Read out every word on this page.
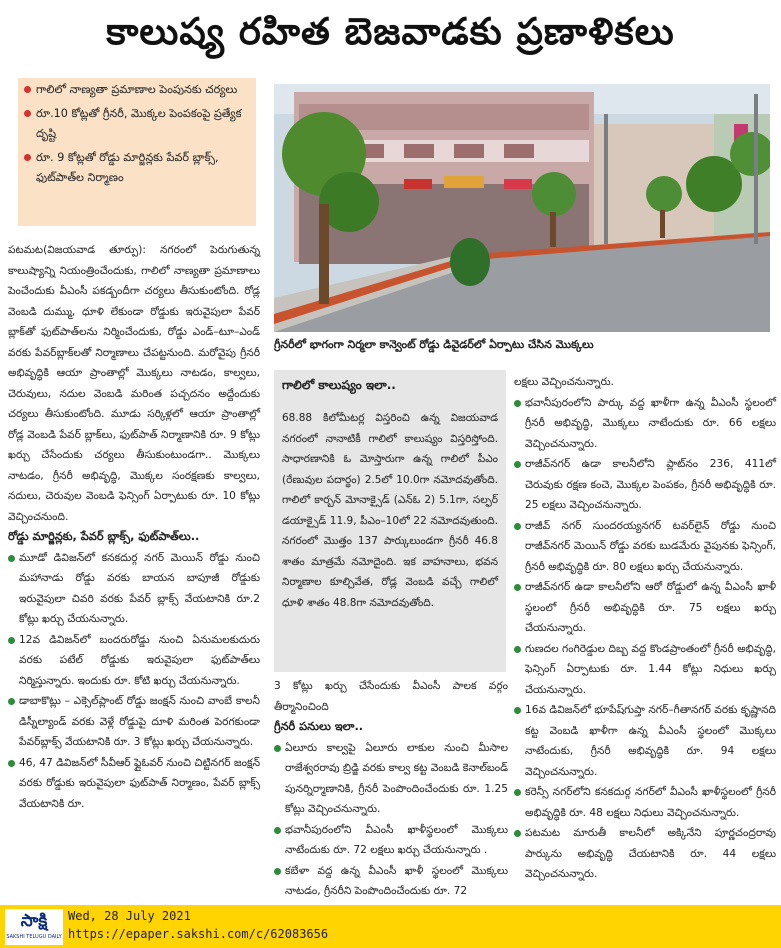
కాలుష్య రహిత బెజవాడకు ప్రణాళికలు

గాలిలో నాణ్యతా ప్రమాణాల పెంపునకు చర్యలు

రూ.10 కోట్లతో గ్రీనరీ, మొక్కల పెంపకంపై ప్రత్యేక దృష్టి

రూ. 9 కోట్లతో రోడ్డు మార్జిన్లకు పేవర్ బ్లాక్స్, ఫుట్‌పాత్‌ల నిర్మాణం

పటమట(విజయవాడ తూర్పు): నగరంలో పెరుగుతున్న కాలుష్యాన్ని నియంత్రించేందుకు, గాలిలో నాణ్యతా ప్రమాణాలు పెంచేందుకు వీఎంసీ పకడ్బందీగా చర్యలు తీసుకుంటోంది. రోడ్ల వెంబడి దుమ్ము, ధూళి లేకుండా రోడ్డుకు ఇరువైపులా పేవర్ బ్లాక్‌తో ఫుట్‌పాత్‌లను నిర్మించేందుకు, రోడ్డు ఎండ్–టూ–ఎండ్ వరకు పేవర్‌బ్లాక్‌లతో నిర్మాణాలు చేపట్టనుంది. మరోవైపు గ్రీనరీ అభివృద్ధికి ఆయా ప్రాంతాల్లో మొక్కలు నాటడం, కాల్వలు, చెరువులు, నదుల వెంబడి మరింత పచ్చదనం అద్దేందుకు చర్యలు తీసుకుంటోంది. మూడు సర్కిళ్లలో ఆయా ప్రాంతాల్లో రోడ్ల వెంబడి పేవర్ బ్లాక్‌లు, ఫుట్‌పాత్ నిర్మాణానికి రూ. 9 కోట్లు ఖర్చు చేసేందుకు చర్యలు తీసుకుంటుండగా.. మొక్కలు నాటడం, గ్రీనరీ అభివృద్ధి, మొక్కల సంరక్షణకు కాల్వలు, నదులు, చెరువుల వెంబడి ఫెన్సింగ్ ఏర్పాటుకు రూ. 10 కోట్లు వెచ్చించనుంది.

రోడ్డు మార్జిన్లకు, పేవర్ బ్లాక్స్, ఫుట్‌పాత్‌లు..

మూడో డివిజన్‌లో కనకదుర్గ నగర్ మెయిన్ రోడ్డు నుంచి మహానాడు రోడ్డు వరకు బాయన బాపూజీ రోడ్డుకు ఇరువైపులా చివరి వరకు పేవర్ బ్లాక్స్ వేయటానికి రూ.2 కోట్లు ఖర్చు చేయనున్నారు.

12వ డివిజన్‌లో బందరురోడ్డు నుంచి ఏనుమలకుదురు వరకు పటేల్ రోడ్డుకు ఇరువైపులా ఫుట్‌పాత్‌లు నిర్మిస్తున్నారు. ఇందుకు రూ. కోటి ఖర్చు చేయనున్నారు.

డాబాకొట్లు – ఎక్సెల్‌ప్లాంట్ రోడ్డు జంక్షన్ నుంచి వాంబే కాలనీ డిస్నీల్యాండ్ వరకు వెళ్లే రోడ్డుపై దూళి మరింత పెరగకుండా పేవర్‌బ్లాక్స్ వేయటానికి రూ. 3 కోట్లు ఖర్చు చేయనున్నారు.

46, 47 డివిజన్‌లో సీవీఆర్ ఫ్లైఓవర్ నుంచి చిట్టినగర్ జంక్షన్ వరకు రోడ్డుకు ఇరువైపులా ఫుట్‌పాత్ నిర్మాణం, పేవర్ బ్లాక్స్ వేయటానికి రూ.

గ్రీనరీలో భాగంగా నిర్మలా కాన్వెంట్ రోడ్డు డివైడర్‌లో ఏర్పాటు చేసిన మొక్కలు
గాలిలో కాలుష్యం ఇలా..
68.88 కిలోమీటర్ల విస్తరించి ఉన్న విజయవాడ నగరంలో నానాటికీ గాలిలో కాలుష్యం విస్తరిస్తోంది. సాధారణానికి ఓ మోస్తారుగా ఉన్న గాలిలో పీఎం (రేణువుల పదార్థం) 2.5లో 10.0గా నమోదవుతోంది. గాలిలో కార్బన్ మోనాక్సైడ్ (ఎన్‌ఓ 2) 5.1గా, సల్ఫర్ డయాక్సైడ్ 11.9, పీఎం–10లో 22 నమోదవుతుంది. నగరంలో మొత్తం 137 పార్కులుండగా గ్రీనరీ 46.8 శాతం మాత్రమే నమోదైంది. ఇక వాహనాలు, భవన నిర్మాణాల కూల్చివేత, రోడ్ల వెంబడి వచ్చే గాలిలో ధూళి శాతం 48.8గా నమోదవుతోంది.

3 కోట్లు ఖర్చు చేసేందుకు వీఎంసీ పాలక వర్గం తీర్మానించింది

గ్రీనరీ పనులు ఇలా..

ఏలూరు కాల్వపై ఏలూరు లాకుల నుంచి మీసాల రాజేశ్వరరావు బ్రిడ్జి వరకు కాల్వ కట్ట వెంబడి కెనాల్‌బండ్ పునర్నిర్మాణానికి, గ్రీనరీ పెంపొందించేందుకు రూ. 1.25 కోట్లు వెచ్చించనున్నారు.

భవానీపురంలోని వీఎంసీ ఖాళీస్థలంలో మొక్కలు నాటేందుకు రూ. 72 లక్షలు ఖర్చు చేయనున్నారు .

కబేళా వద్ద ఉన్న వీఎంసీ ఖాళీ స్థలంలో మొక్కలు నాటడం, గ్రీనరీని పెంపొందించేందుకు రూ. 72

లక్షలు వెచ్చించనున్నారు.

భవానీపురంలోని పార్కు వద్ద ఖాళీగా ఉన్న వీఎంసీ స్థలంలో గ్రీనరీ అభివృద్ధి, మొక్కలు నాటేందుకు రూ. 66 లక్షలు వెచ్చించనున్నారు.

రాజీవ్‌నగర్ ఉడా కాలనీలోని ప్లాట్‌నం 236, 411లో చెరువుకు రక్షణ కంచె, మొక్కల పెంపకం, గ్రీనరీ అభివృద్ధికి రూ. 25 లక్షలు వెచ్చించనున్నారు.

రాజీవ్ నగర్ సుందరయ్యనగర్ టవర్‌లైన్ రోడ్డు నుంచి రాజీవ్‌నగర్ మెయిన్ రోడ్డు వరకు బుడమేరు వైపునకు ఫెన్సింగ్, గ్రీనరీ అభివృద్ధికి రూ. 80 లక్షలు ఖర్చు చేయనున్నారు.

రాజీవ్‌నగర్ ఉడా కాలనీలోని ఆరో రోడ్డులో ఉన్న వీఎంసీ ఖాళీ స్థలంలో గ్రీనరీ అభివృద్ధికి రూ. 75 లక్షలు ఖర్చు చేయనున్నారు.

గుణదల గంగిరెడ్డుల దిబ్బ వద్ద కొండప్రాంతంలో గ్రీనరీ అభివృద్ధి, ఫెన్సింగ్ ఏర్పాటుకు రూ. 1.44 కోట్లు నిధులు ఖర్చు చేయనున్నారు.

16వ డివిజన్‌లో భూపేష్‌గుప్తా నగర్–గీతానగర్ వరకు కృష్ణానది కట్ట వెంబడి ఖాళీగా ఉన్న వీఎంసీ స్థలంలో మొక్కలు నాటేందుకు, గ్రీనరీ అభివృద్ధికి రూ. 94 లక్షలు వెచ్చించనున్నారు.

కరెన్సీ నగర్‌లోని కనకదుర్గ నగర్‌లో వీఎంసీ ఖాళీస్థలంలో గ్రీనరీ అభివృద్ధికి రూ. 48 లక్షలు నిధులు వెచ్చించనున్నారు.

పటమట మారుతీ కాలనీలో అక్కినేని పూర్ణచంద్రరావు పార్కును అభివృద్ధి చేయటానికి రూ. 44 లక్షలు వెచ్చించనున్నారు.

సాక్షి
SAKSHI TELUGU DAILY
Wed, 28 July 2021
https://epaper.sakshi.com/c/62083656
